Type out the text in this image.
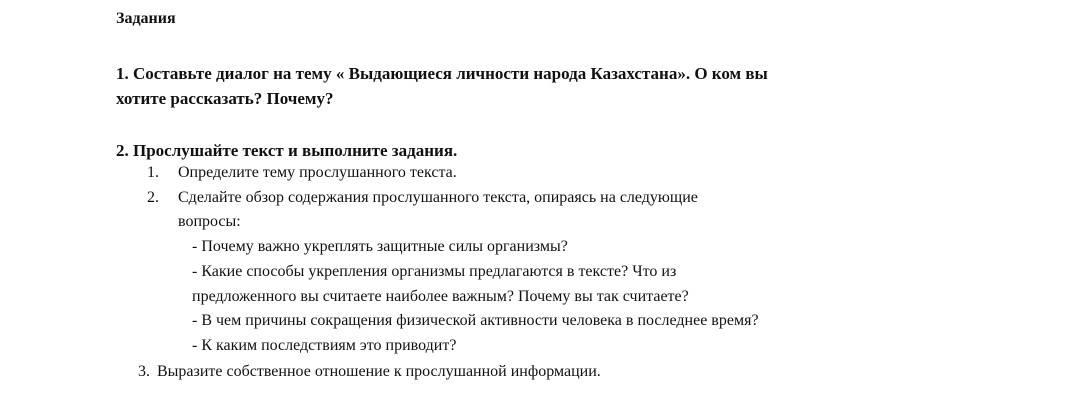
Задания
1. Составьте диалог на тему « Выдающиеся личности народа Казахстана». О ком вы
хотите рассказать? Почему?
2. Прослушайте текст и выполните задания.
1. Определите тему прослушанного текста.
2. Сделайте обзор содержания прослушанного текста, опираясь на следующие
вопросы:
- Почему важно укреплять защитные силы организмы?
- Какие способы укрепления организмы предлагаются в тексте? Что из
предложенного вы считаете наиболее важным? Почему вы так считаете?
- В чем причины сокращения физической активности человека в последнее время?
- К каким последствиям это приводит?
3. Выразите собственное отношение к прослушанной информации.
